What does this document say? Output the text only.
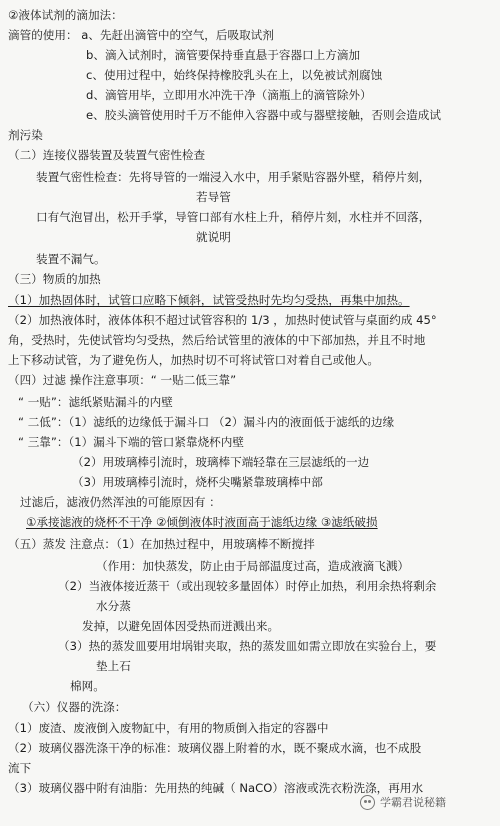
②液体试剂的滴加法：
滴管的使用： a、先赶出滴管中的空气，后吸取试剂
b、滴入试剂时，滴管要保持垂直悬于容器口上方滴加
c、使用过程中，始终保持橡胶乳头在上，以免被试剂腐蚀
d、滴管用毕，立即用水冲洗干净（滴瓶上的滴管除外）
e、胶头滴管使用时千万不能伸入容器中或与器壁接触，否则会造成试
剂污染
（二）连接仪器装置及装置气密性检查
装置气密性检查：先将导管的一端浸入水中，用手紧贴容器外壁，稍停片刻，
若导管
口有气泡冒出，松开手掌，导管口部有水柱上升，稍停片刻，水柱并不回落，
就说明
装置不漏气。
（三）物质的加热
（1）加热固体时，试管口应略下倾斜，试管受热时先均匀受热，再集中加热。
（2）加热液体时，液体体积不超过试管容积的 1/3 ，加热时使试管与桌面约成 45°
角，受热时，先使试管均匀受热，然后给试管里的液体的中下部加热，并且不时地
上下移动试管，为了避免伤人，加热时切不可将试管口对着自己或他人。
（四）过滤 操作注意事项：“ 一贴二低三靠”
“ 一贴”：滤纸紧贴漏斗的内壁
“ 二低”：（1）滤纸的边缘低于漏斗口 （2）漏斗内的液面低于滤纸的边缘
“ 三靠”：（1）漏斗下端的管口紧靠烧杯内壁
（2）用玻璃棒引流时，玻璃棒下端轻靠在三层滤纸的一边
（3）用玻璃棒引流时，烧杯尖嘴紧靠玻璃棒中部
过滤后，滤液仍然浑浊的可能原因有 ：
①承接滤液的烧杯不干净 ②倾倒液体时液面高于滤纸边缘 ③滤纸破损
（五）蒸发 注意点：（1）在加热过程中，用玻璃棒不断搅拌
（作用：加快蒸发，防止由于局部温度过高，造成液滴飞溅）
（2）当液体接近蒸干（或出现较多量固体）时停止加热，利用余热将剩余
水分蒸
发掉，以避免固体因受热而迸溅出来。
（3）热的蒸发皿要用坩埚钳夹取，热的蒸发皿如需立即放在实验台上，要
垫上石
棉网。
（六）仪器的洗涤：
（1）废渣、废液倒入废物缸中，有用的物质倒入指定的容器中
（2）玻璃仪器洗涤干净的标准：玻璃仪器上附着的水，既不聚成水滴，也不成股
流下
（3）玻璃仪器中附有油脂：先用热的纯碱（ NaCO）溶液或洗衣粉洗涤，再用水
学霸君说秘籍
